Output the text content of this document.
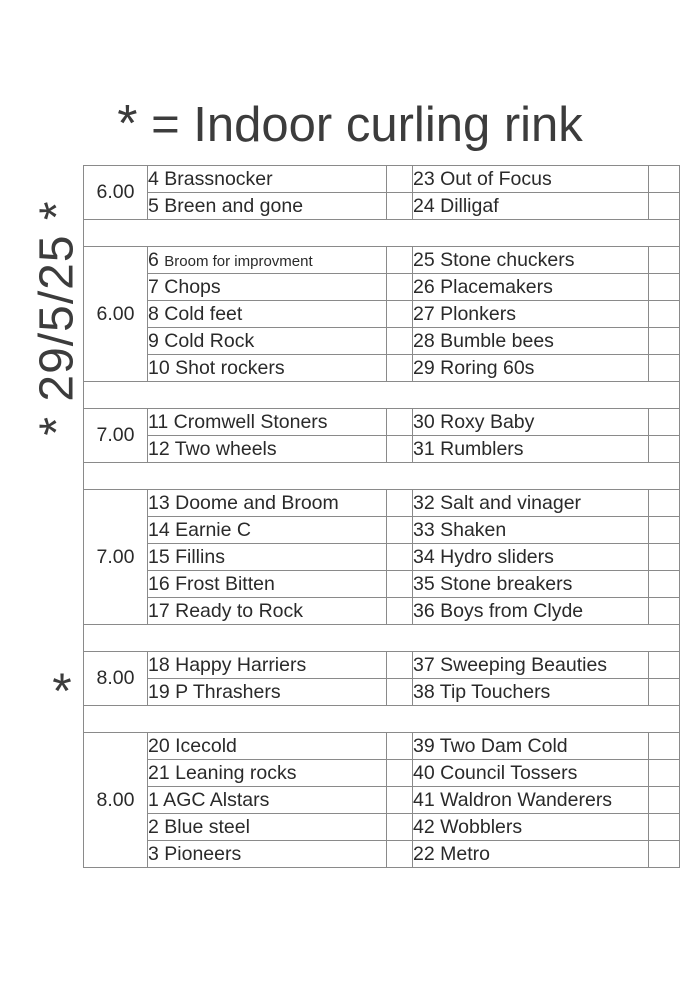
* = Indoor curling rink
* 29/5/25 *
*
6.00	4 Brassnocker		23 Out of Focus	
	5 Breen and gone		24 Dilligaf	

6.00	6 Broom for improvment		25 Stone chuckers	
	7 Chops		26 Placemakers	
	8 Cold feet		27 Plonkers	
	9 Cold Rock		28 Bumble bees	
	10 Shot rockers		29 Roring 60s	

7.00	11 Cromwell Stoners		30 Roxy Baby	
	12 Two wheels		31 Rumblers	

7.00	13 Doome and Broom		32 Salt and vinager	
	14 Earnie C		33 Shaken	
	15 Fillins		34 Hydro sliders	
	16 Frost Bitten		35 Stone breakers	
	17 Ready to Rock		36 Boys from Clyde	

8.00	18 Happy Harriers		37 Sweeping Beauties	
	19 P Thrashers		38 Tip Touchers	

8.00	20 Icecold		39 Two Dam Cold	
	21 Leaning rocks		40 Council Tossers	
	1 AGC Alstars		41 Waldron Wanderers	
	2 Blue steel		42 Wobblers	
	3 Pioneers		22 Metro	
